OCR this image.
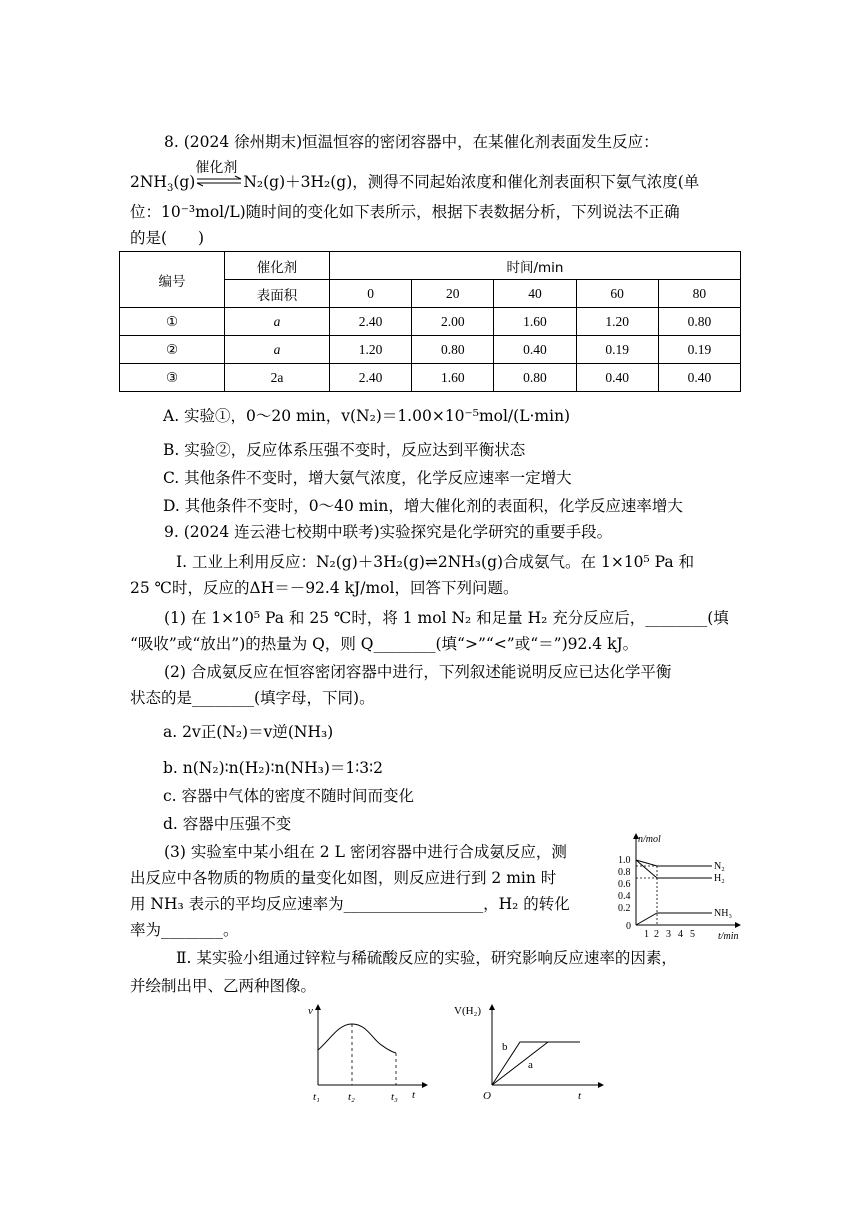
8. (2024 徐州期末)恒温恒容的密闭容器中，在某催化剂表面发生反应：
$2NH_3(g)$
催化剂
N₂(g)＋3H₂(g)，测得不同起始浓度和催化剂表面积下氨气浓度(单
位：10⁻³mol/L)随时间的变化如下表所示，根据下表数据分析，下列说法不正确
的是(　　)
编号	催化剂	时间/min				
	表面积	0	20	40	60	80
①	a	2.40	2.00	1.60	1.20	0.80
②	a	1.20	0.80	0.40	0.19	0.19
③	2a	2.40	1.60	0.80	0.40	0.40
A. 实验①，0～20 min，v(N₂)＝1.00×10⁻⁵mol/(L·min)
B. 实验②，反应体系压强不变时，反应达到平衡状态
C. 其他条件不变时，增大氨气浓度，化学反应速率一定增大
D. 其他条件不变时，0～40 min，增大催化剂的表面积，化学反应速率增大
9. (2024 连云港七校期中联考)实验探究是化学研究的重要手段。
Ⅰ. 工业上利用反应：N₂(g)＋3H₂(g)⇌2NH₃(g)合成氨气。在 1×10⁵ Pa 和
25 ℃时，反应的ΔH＝－92.4 kJ/mol，回答下列问题。
(1) 在 1×10⁵ Pa 和 25 ℃时，将 1 mol N₂ 和足量 H₂ 充分反应后，________(填
“吸收”或“放出”)的热量为 Q，则 Q________(填“>”“<”或“＝”)92.4 kJ。
(2) 合成氨反应在恒容密闭容器中进行，下列叙述能说明反应已达化学平衡
状态的是________(填字母，下同)。
a. 2v正(N₂)＝v逆(NH₃)
b. n(N₂)∶n(H₂)∶n(NH₃)＝1∶3∶2
c. 容器中气体的密度不随时间而变化
d. 容器中压强不变
(3) 实验室中某小组在 2 L 密闭容器中进行合成氨反应，测
出反应中各物质的物质的量变化如图，则反应进行到 2 min 时
用 NH₃ 表示的平均反应速率为__________________，H₂ 的转化
率为________。
Ⅱ. 某实验小组通过锌粒与稀硫酸反应的实验，研究影响反应速率的因素，
并绘制出甲、乙两种图像。
n/mol
t/min
1.0
0.8
0.6
0.4
0.2
0
1 2 3 4 5
N₂
H₂
NH₃
v
t₁	t₂	t₃ t
V(H₂)
b
a
O	t
